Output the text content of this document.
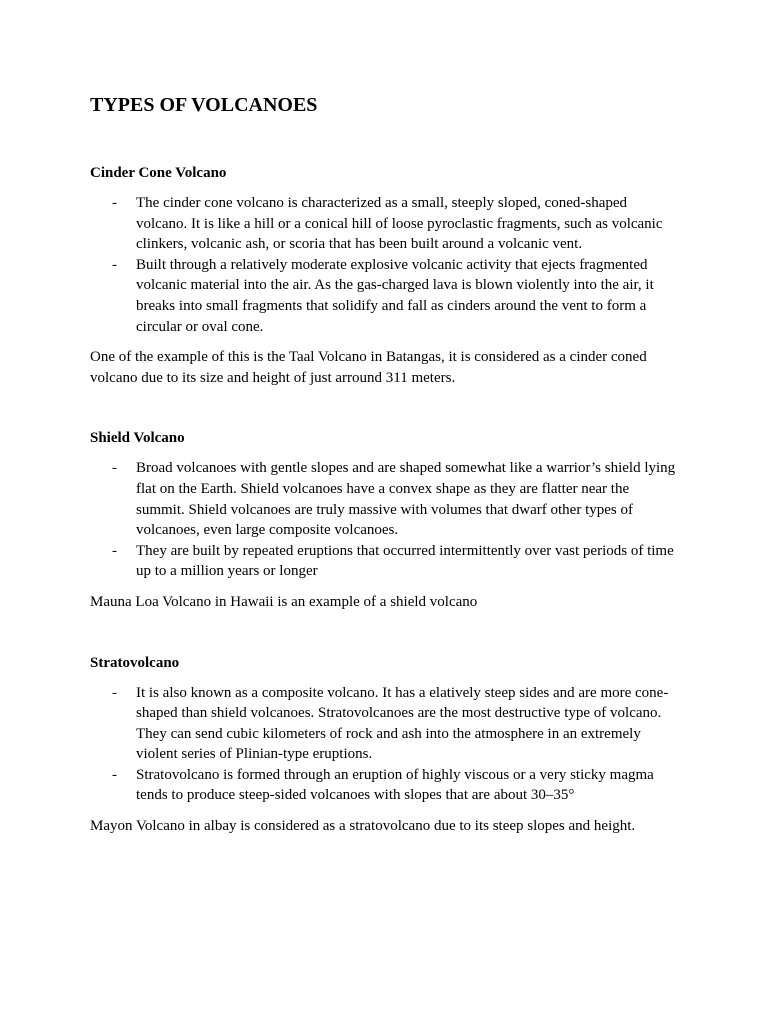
TYPES OF VOLCANOES
Cinder Cone Volcano
- The cinder cone volcano is characterized as a small, steeply sloped, coned-shaped volcano. It is like a hill or a conical hill of loose pyroclastic fragments, such as volcanic clinkers, volcanic ash, or scoria that has been built around a volcanic vent.
- Built through a relatively moderate explosive volcanic activity that ejects fragmented volcanic material into the air. As the gas-charged lava is blown violently into the air, it breaks into small fragments that solidify and fall as cinders around the vent to form a circular or oval cone.

One of the example of this is the Taal Volcano in Batangas, it is considered as a cinder coned volcano due to its size and height of just arround 311 meters.

Shield Volcano
- Broad volcanoes with gentle slopes and are shaped somewhat like a warrior’s shield lying flat on the Earth. Shield volcanoes have a convex shape as they are flatter near the summit. Shield volcanoes are truly massive with volumes that dwarf other types of volcanoes, even large composite volcanoes.
- They are built by repeated eruptions that occurred intermittently over vast periods of time up to a million years or longer

Mauna Loa Volcano in Hawaii is an example of a shield volcano

Stratovolcano
- It is also known as a composite volcano. It has a elatively steep sides and are more cone-shaped than shield volcanoes. Stratovolcanoes are the most destructive type of volcano. They can send cubic kilometers of rock and ash into the atmosphere in an extremely violent series of Plinian-type eruptions.
- Stratovolcano is formed through an eruption of highly viscous or a very sticky magma tends to produce steep-sided volcanoes with slopes that are about 30–35°

Mayon Volcano in albay is considered as a stratovolcano due to its steep slopes and height.
